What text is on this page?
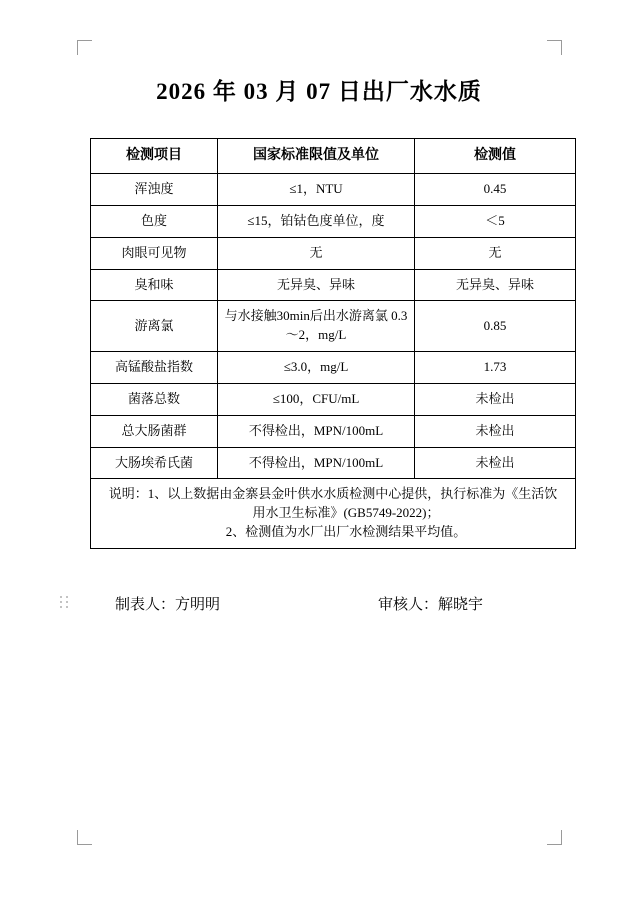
2026 年 03 月 07 日出厂水水质
检测项目	国家标准限值及单位	检测值
浑浊度	≤1，NTU	0.45
色度	≤15，铂钴色度单位，度	＜5
肉眼可见物	无	无
臭和味	无异臭、异味	无异臭、异味
游离氯	与水接触30min后出水游离氯 0.3～2，mg/L	0.85
高锰酸盐指数	≤3.0，mg/L	1.73
菌落总数	≤100，CFU/mL	未检出
总大肠菌群	不得检出，MPN/100mL	未检出
大肠埃希氏菌	不得检出，MPN/100mL	未检出

说明：1、以上数据由金寨县金叶供水水质检测中心提供，执行标准为《生活饮
用水卫生标准》(GB5749-2022)；
2、检测值为水厂出厂水检测结果平均值。		
制表人：方明明	审核人：解晓宇
